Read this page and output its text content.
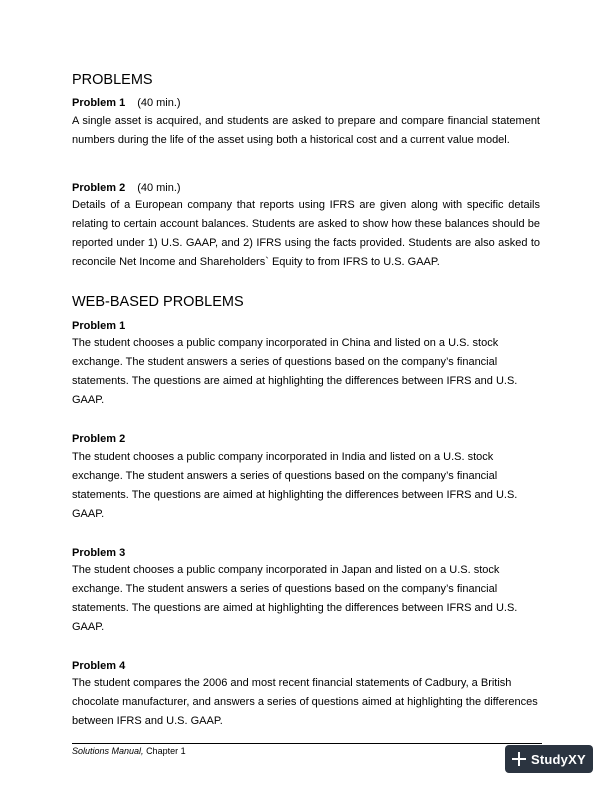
PROBLEMS
Problem 1 (40 min.)
A single asset is acquired, and students are asked to prepare and compare financial statement numbers during the life of the asset using both a historical cost and a current value model.
Problem 2 (40 min.)
Details of a European company that reports using IFRS are given along with specific details relating to certain account balances. Students are asked to show how these balances should be reported under 1) U.S. GAAP, and 2) IFRS using the facts provided. Students are also asked to reconcile Net Income and Shareholders` Equity to from IFRS to U.S. GAAP.
WEB-BASED PROBLEMS
Problem 1
The student chooses a public company incorporated in China and listed on a U.S. stock exchange. The student answers a series of questions based on the company’s financial statements. The questions are aimed at highlighting the differences between IFRS and U.S. GAAP.
Problem 2
The student chooses a public company incorporated in India and listed on a U.S. stock exchange. The student answers a series of questions based on the company’s financial statements. The questions are aimed at highlighting the differences between IFRS and U.S. GAAP.
Problem 3
The student chooses a public company incorporated in Japan and listed on a U.S. stock exchange. The student answers a series of questions based on the company’s financial statements. The questions are aimed at highlighting the differences between IFRS and U.S. GAAP.
Problem 4
The student compares the 2006 and most recent financial statements of Cadbury, a British chocolate manufacturer, and answers a series of questions aimed at highlighting the differences between IFRS and U.S. GAAP.
Solutions Manual, Chapter 1
StudyXY
